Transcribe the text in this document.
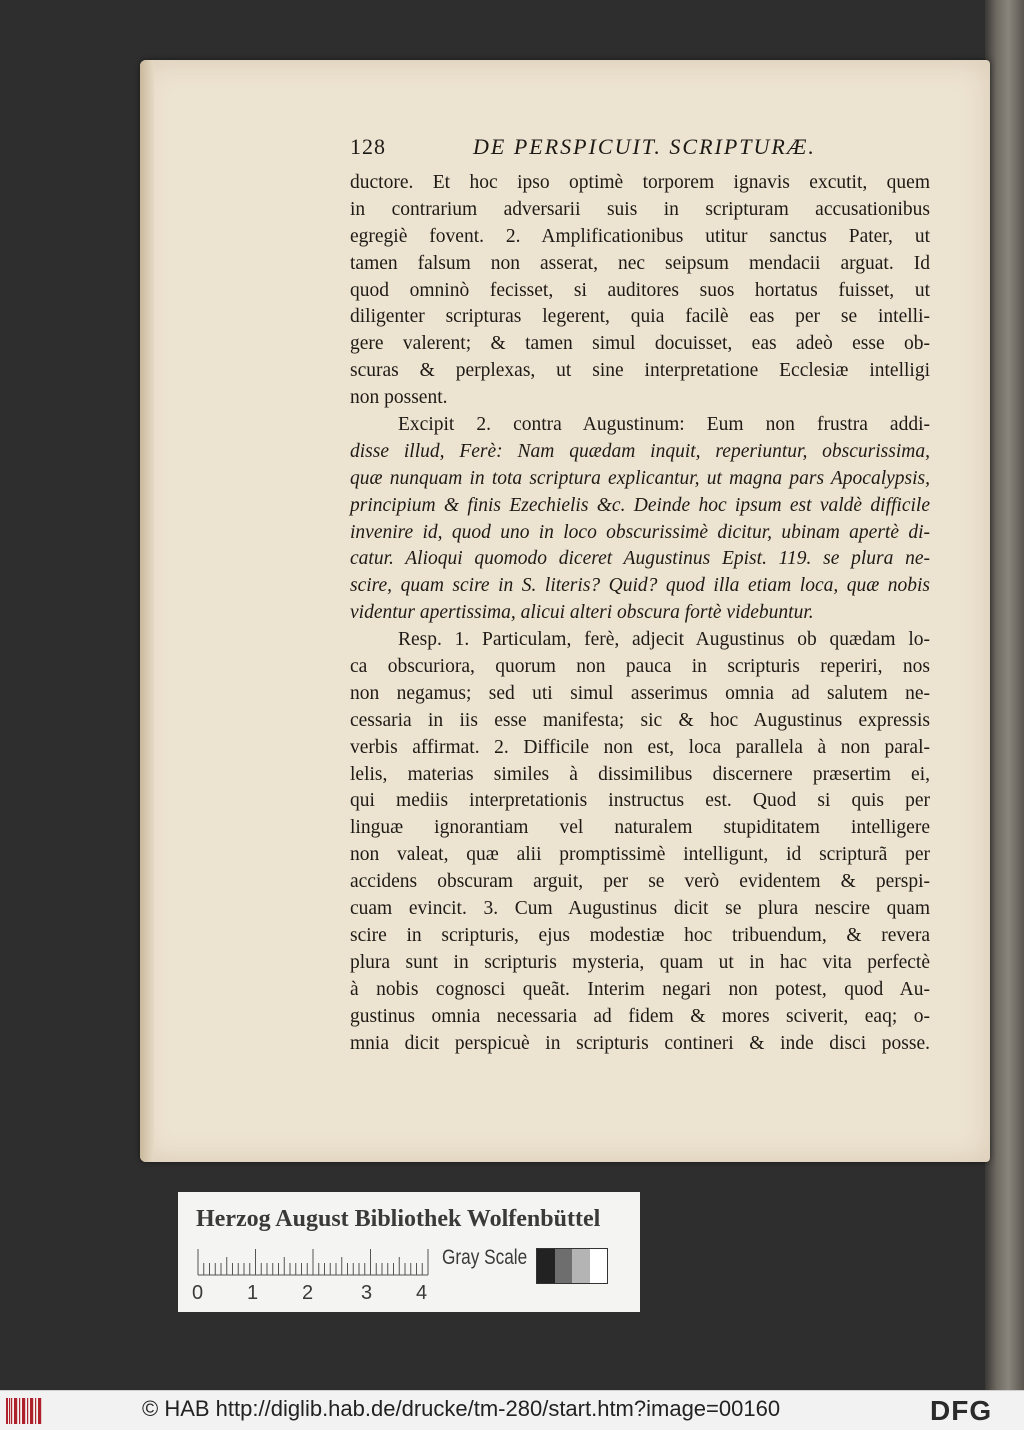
128	DE PERSPICUIT. SCRIPTURÆ.
ductore. Et hoc ipso optimè torporem ignavis excutit, quem
in contrarium adversarii suis in scripturam accusationibus
egregiè fovent. 2. Amplificationibus utitur sanctus Pater, ut
tamen falsum non asserat, nec seipsum mendacii arguat. Id
quod omninò fecisset, si auditores suos hortatus fuisset, ut
diligenter scripturas legerent, quia facilè eas per se intelli-
gere valerent; & tamen simul docuisset, eas adeò esse ob-
scuras & perplexas, ut sine interpretatione Ecclesiæ intelligi
non possent.
Excipit 2. contra Augustinum: Eum non frustra addi-
disse illud, Ferè: Nam quædam inquit, reperiuntur, obscurissima,
quæ nunquam in tota scriptura explicantur, ut magna pars Apocalypsis,
principium & finis Ezechielis &c. Deinde hoc ipsum est valdè difficile
invenire id, quod uno in loco obscurissimè dicitur, ubinam apertè di-
catur. Alioqui quomodo diceret Augustinus Epist. 119. se plura ne-
scire, quam scire in S. literis? Quid? quod illa etiam loca, quæ nobis
videntur apertissima, alicui alteri obscura fortè videbuntur.
Resp. 1. Particulam, ferè, adjecit Augustinus ob quædam lo-
ca obscuriora, quorum non pauca in scripturis reperiri, nos
non negamus; sed uti simul asserimus omnia ad salutem ne-
cessaria in iis esse manifesta; sic & hoc Augustinus expressis
verbis affirmat. 2. Difficile non est, loca parallela à non paral-
lelis, materias similes à dissimilibus discernere præsertim ei,
qui mediis interpretationis instructus est. Quod si quis per
linguæ ignorantiam vel naturalem stupiditatem intelligere
non valeat, quæ alii promptissimè intelligunt, id scripturã per
accidens obscuram arguit, per se verò evidentem & perspi-
cuam evincit. 3. Cum Augustinus dicit se plura nescire quam
scire in scripturis, ejus modestiæ hoc tribuendum, & revera
plura sunt in scripturis mysteria, quam ut in hac vita perfectè
à nobis cognosci queãt. Interim negari non potest, quod Au-
gustinus omnia necessaria ad fidem & mores sciverit, eaq; o-
mnia dicit perspicuè in scripturis contineri & inde disci posse.
Herzog August Bibliothek Wolfenbüttel
0 1 2 3 4
Gray Scale
© HAB http://diglib.hab.de/drucke/tm-280/start.htm?image=00160	DFG
